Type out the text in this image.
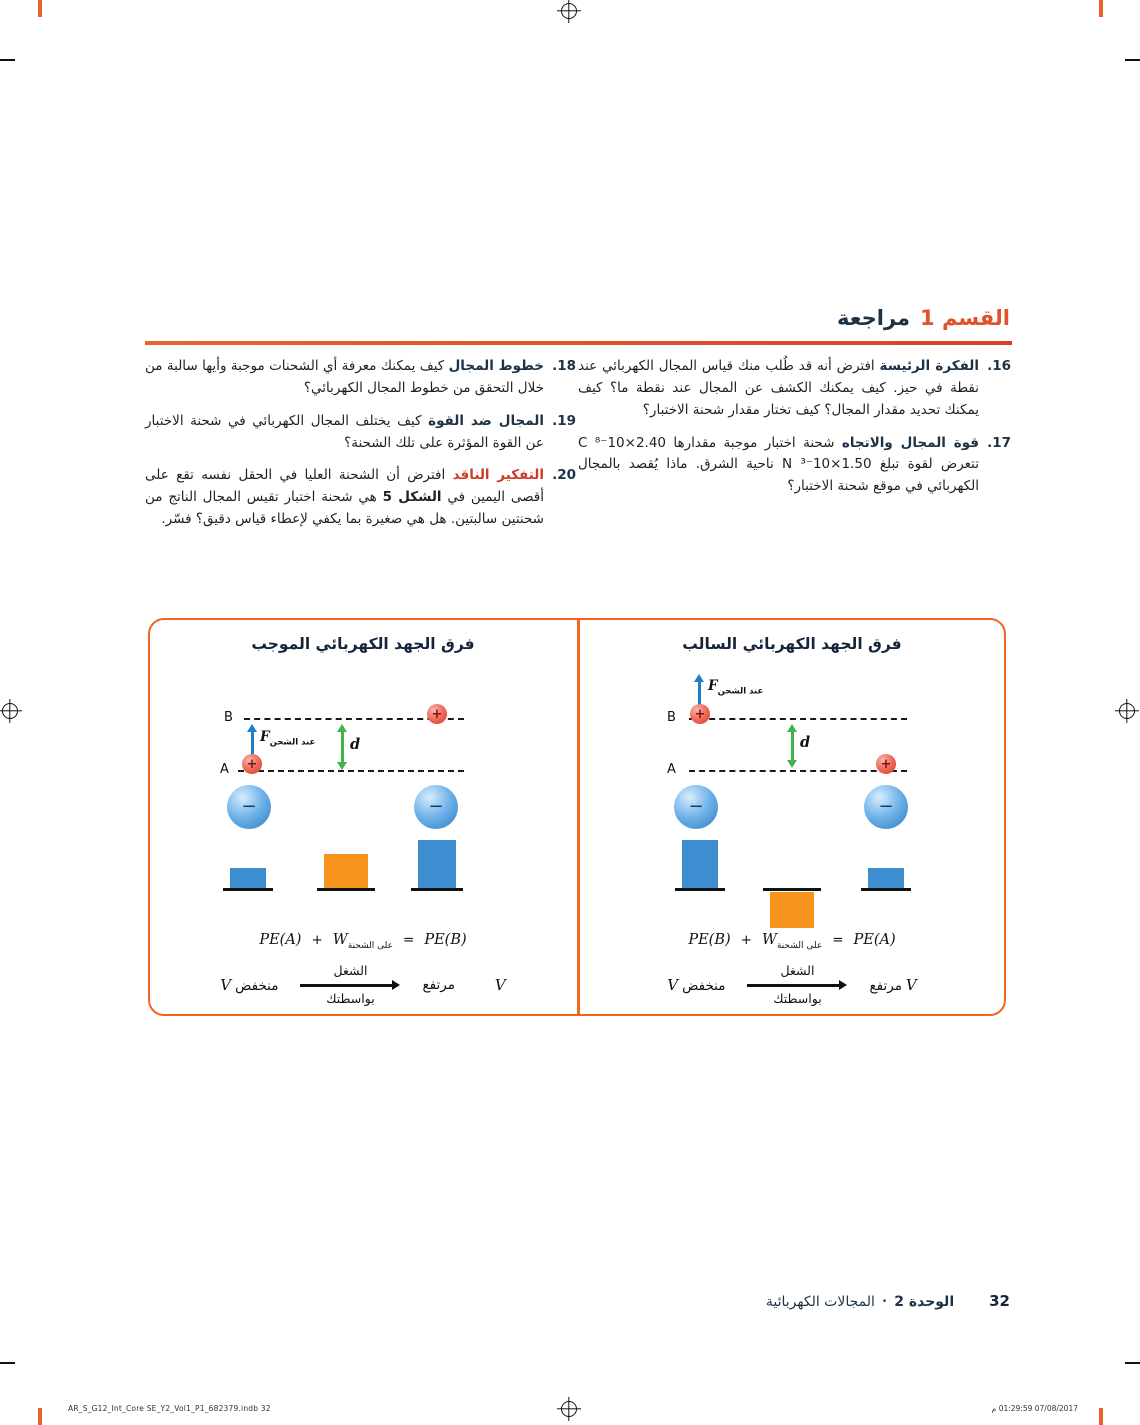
القسم 1
مراجعة
16.

الفكرة الرئيسة افترض أنه قد طُلب منك قياس المجال الكهربائي عند نقطة في حيز. كيف يمكنك الكشف عن المجال عند نقطة ما؟ كيف يمكنك تحديد مقدار المجال؟ كيف تختار مقدار شحنة الاختبار؟

17.

قوة المجال والاتجاه شحنة اختبار موجبة مقدارها 2.40×10⁻⁸ C تتعرض لقوة تبلغ 1.50×10⁻³ N ناحية الشرق. ماذا يُقصد بالمجال الكهربائي في موقع شحنة الاختبار؟

18.

خطوط المجال كيف يمكنك معرفة أي الشحنات موجبة وأيها سالبة من خلال التحقق من خطوط المجال الكهربائي؟

19.

المجال ضد القوة كيف يختلف المجال الكهربائي في شحنة الاختبار عن القوة المؤثرة على تلك الشحنة؟

20.

التفكير الناقد افترض أن الشحنة العليا في الحقل نفسه تقع على أقصى اليمين في الشكل 5 هي شحنة اختبار تقيس المجال الناتج من شحنتين سالبتين. هل هي صغيرة بما يكفي لإعطاء قياس دقيق؟ فسّر.

فرق الجهد الكهربائي الموجب
B	+
$F_{عند الشحن}$ d
A +
−	−
$PE(A) + W_{على الشحنة} = PE(B)$
V منخفض
الشغل
بواسطتك
مرتفع	V
فرق الجهد الكهربائي السالب
$F_{عند الشحن}$
B +
d
A	+
−	−
$PE(B) + W_{على الشحنة} = PE(A)$
V منخفض
الشغل
بواسطتك
مرتفع V
32
الوحدة 2
•
المجالات الكهربائية
AR_S_G12_Int_Core SE_Y2_Vol1_P1_682379.indb 32	07/08/2017 01:29:59 م
